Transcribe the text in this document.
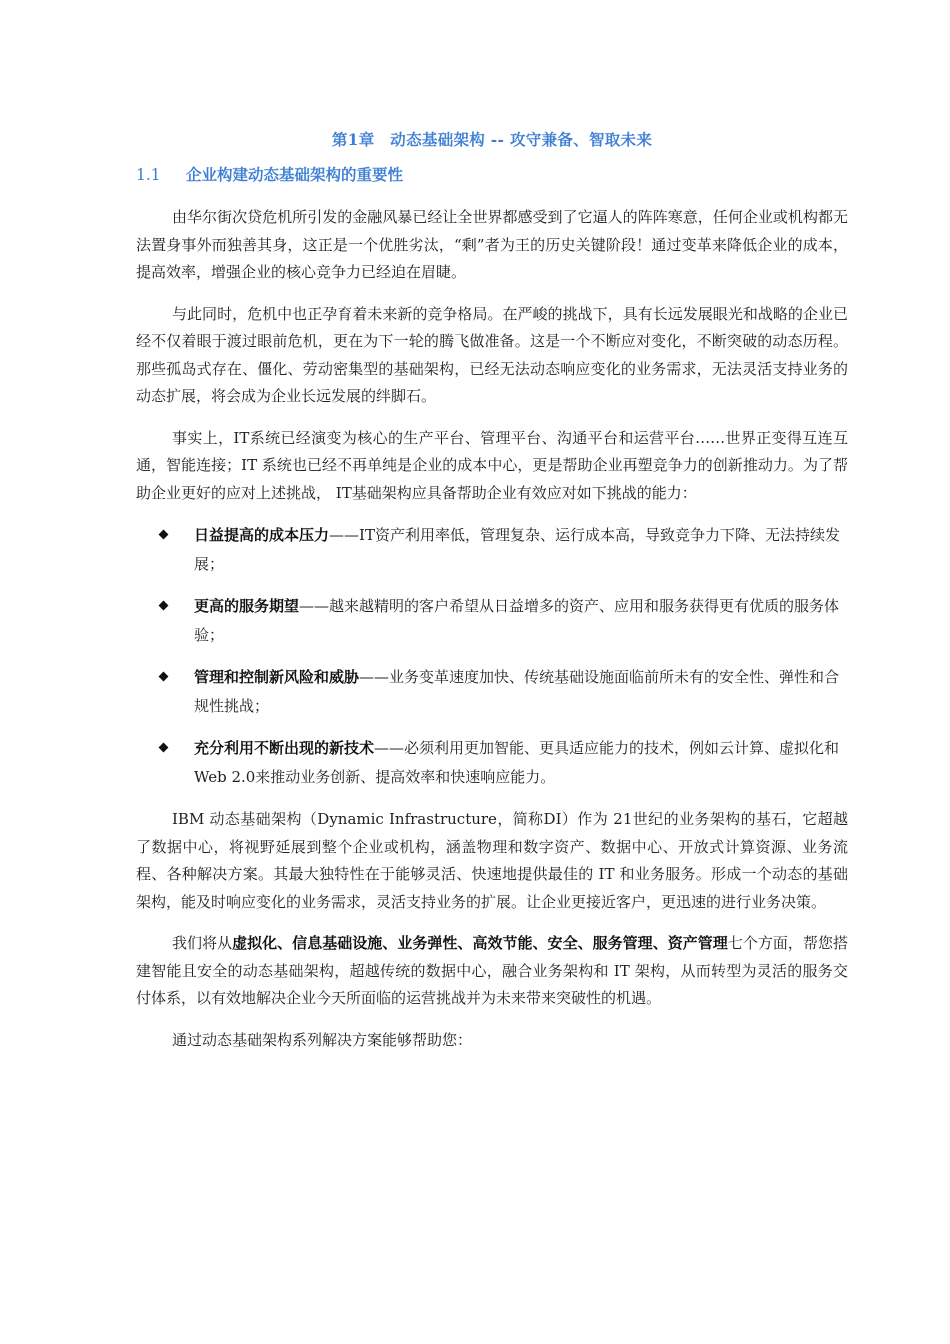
第1章　动态基础架构 -- 攻守兼备、智取未来
1.1 企业构建动态基础架构的重要性

由华尔街次贷危机所引发的金融风暴已经让全世界都感受到了它逼人的阵阵寒意，任何企业或机构都无法置身事外而独善其身，这正是一个优胜劣汰，“剩”者为王的历史关键阶段！通过变革来降低企业的成本，提高效率，增强企业的核心竞争力已经迫在眉睫。

与此同时，危机中也正孕育着未来新的竞争格局。在严峻的挑战下，具有长远发展眼光和战略的企业已经不仅着眼于渡过眼前危机，更在为下一轮的腾飞做准备。这是一个不断应对变化，不断突破的动态历程。那些孤岛式存在、僵化、劳动密集型的基础架构，已经无法动态响应变化的业务需求，无法灵活支持业务的动态扩展，将会成为企业长远发展的绊脚石。

事实上，IT系统已经演变为核心的生产平台、管理平台、沟通平台和运营平台……世界正变得互连互通，智能连接；IT 系统也已经不再单纯是企业的成本中心，更是帮助企业再塑竞争力的创新推动力。为了帮助企业更好的应对上述挑战， IT基础架构应具备帮助企业有效应对如下挑战的能力：

日益提高的成本压力——IT资产利用率低，管理复杂、运行成本高，导致竞争力下降、无法持续发展；
更高的服务期望——越来越精明的客户希望从日益增多的资产、应用和服务获得更有优质的服务体验；
管理和控制新风险和威胁——业务变革速度加快、传统基础设施面临前所未有的安全性、弹性和合规性挑战；
充分利用不断出现的新技术——必须利用更加智能、更具适应能力的技术，例如云计算、虚拟化和Web 2.0来推动业务创新、提高效率和快速响应能力。

IBM 动态基础架构（Dynamic Infrastructure，简称DI）作为 21世纪的业务架构的基石，它超越了数据中心，将视野延展到整个企业或机构，涵盖物理和数字资产、数据中心、开放式计算资源、业务流程、各种解决方案。其最大独特性在于能够灵活、快速地提供最佳的 IT 和业务服务。形成一个动态的基础架构，能及时响应变化的业务需求，灵活支持业务的扩展。让企业更接近客户，更迅速的进行业务决策。

我们将从虚拟化、信息基础设施、业务弹性、高效节能、安全、服务管理、资产管理七个方面，帮您搭建智能且安全的动态基础架构，超越传统的数据中心，融合业务架构和 IT 架构，从而转型为灵活的服务交付体系，以有效地解决企业今天所面临的运营挑战并为未来带来突破性的机遇。

通过动态基础架构系列解决方案能够帮助您：
